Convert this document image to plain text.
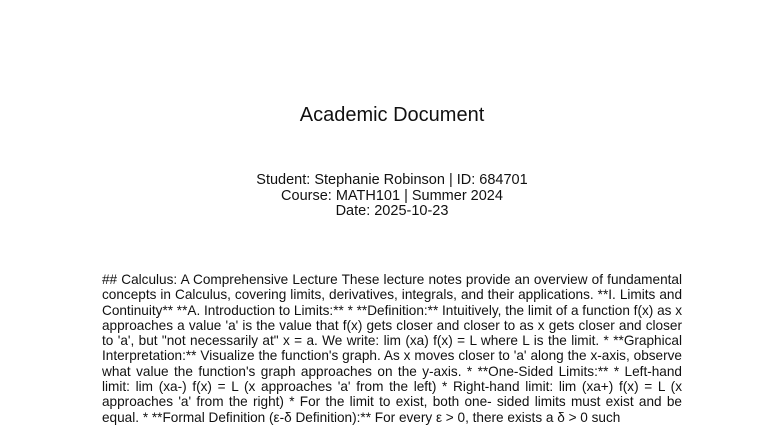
Academic Document
Student: Stephanie Robinson | ID: 684701
Course: MATH101 | Summer 2024
Date: 2025-10-23
## Calculus: A Comprehensive Lecture These lecture notes provide an overview of fundamental concepts in Calculus, covering limits, derivatives, integrals, and their applications. **I. Limits and Continuity** **A. Introduction to Limits:** * **Definition:** Intuitively, the limit of a function f(x) as x approaches a value 'a' is the value that f(x) gets closer and closer to as x gets closer and closer to 'a', but "not necessarily at" x = a. We write: lim (xa) f(x) = L where L is the limit. * **Graphical Interpretation:** Visualize the function's graph. As x moves closer to 'a' along the x-axis, observe what value the function's graph approaches on the y-axis. * **One-Sided Limits:** * Left-hand limit: lim (xa-) f(x) = L (x approaches 'a' from the left) * Right-hand limit: lim (xa+) f(x) = L (x approaches 'a' from the right) * For the limit to exist, both one- sided limits must exist and be equal. * **Formal Definition (ε-δ Definition):** For every ε > 0, there exists a δ > 0 such
